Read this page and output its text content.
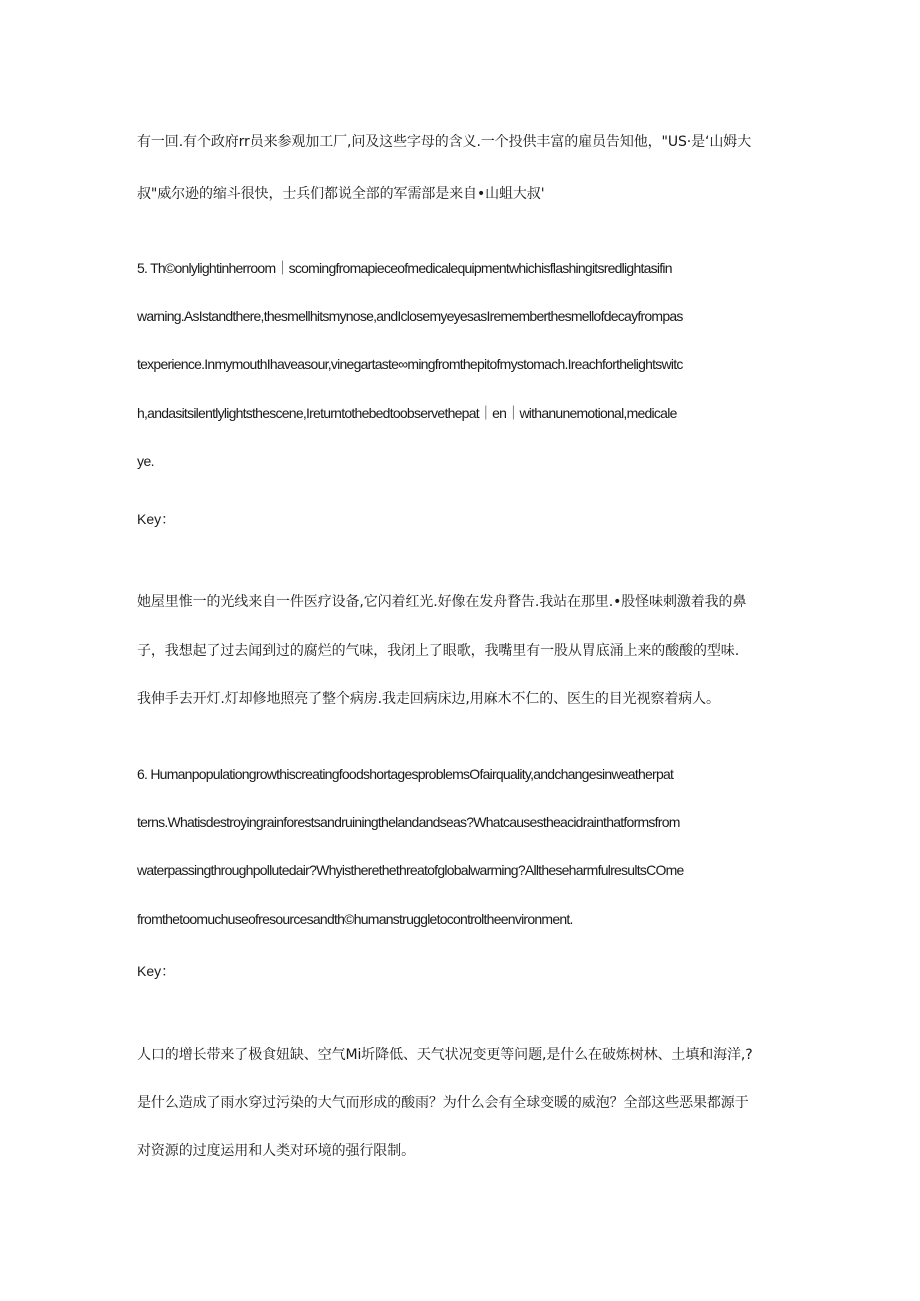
有一回.有个政府rr员来参观加工厂,问及这些字母的含义.一个投供丰富的雇员告知他，"US·是‘山姆大

叔"威尔逊的缩斗很快，士兵们都说全部的军需部是来自•山蛆大叔'

5. Th©onlylightinherroom｜scomingfromapieceofmedicalequipmentwhichisflashingitsredlightasifin

warning.AsIstandthere,thesmellhitsmynose,andIclosemyeyesasIrememberthesmellofdecayfrompas

texperience.InmymouthIhaveasour,vinegartaste∞mingfromthepitofmystomach.Ireachforthelightswitc

h,andasitsilentlylightsthescene,Ireturntothebedtoobservethepat｜en｜withanunemotional,medicale

ye.

Key：

她屋里惟一的光线来自一件医疗设备,它闪着红光.好像在发舟瞀告.我站在那里.•股怪味刺激着我的鼻

子，我想起了过去闻到过的腐烂的气味，我闭上了眼歌，我嘴里有一股从胃底涌上来的酸酸的型味.

我伸手去开灯.灯却修地照亮了整个病房.我走回病床边,用麻木不仁的、医生的目光视察着病人。

6. HumanpopulationgrowthiscreatingfoodshortagesproblemsOfairquality,andchangesinweatherpat

terns.Whatisdestroyingrainforestsandruiningthelandandseas?Whatcausestheacidrainthatformsfrom

waterpassingthroughpollutedair?Whyisthereth​ethreatofglobalwarming?AlltheseharmfulresultsCOme

fromthetoomuchuseofresourcesandth©humanstruggletocontroltheenvironment.

Key：

人口的增长带来了极食妞缺、空气Mi圻降低、天气状况变更等问题,是什么在破炼树林、土填和海洋,?

是什么造成了雨水穿过污染的大气而形成的酸雨？为什么会有全球变暖的威泡？全部这些恶果都源于

对资源的过度运用和人类对环境的强行限制。
